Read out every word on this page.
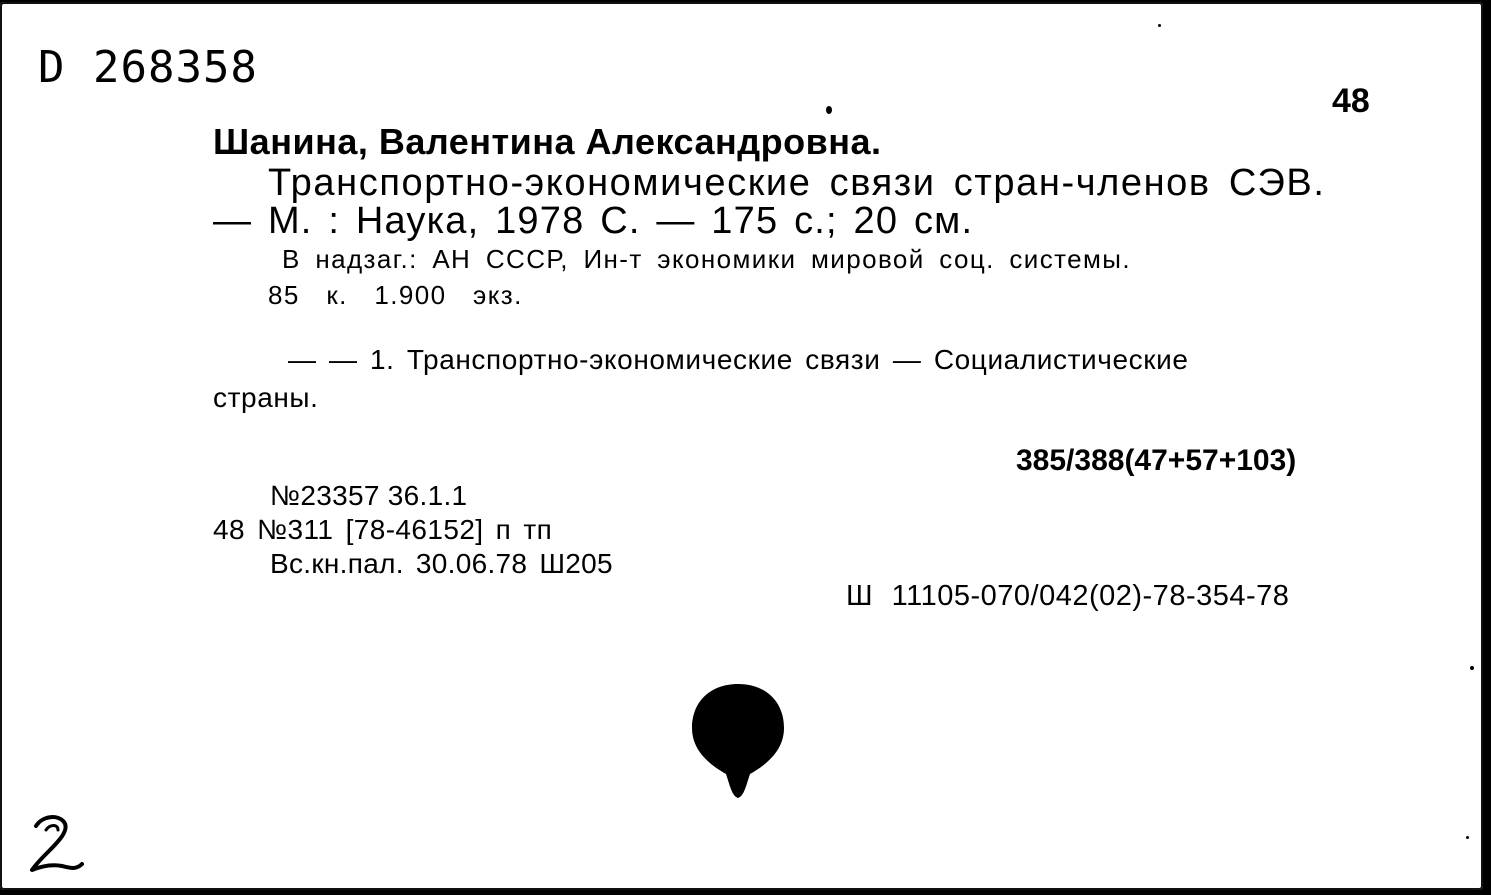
D 268358
48
Шанина, Валентина Александровна.
Транспортно-экономические связи стран-членов СЭВ.
— М. : Наука, 1978 С. — 175 с.; 20 см.
В надзаг.: АН СССР, Ин-т экономики мировой соц. системы.
85 к. 1.900 экз.
— — 1. Транспортно-экономические связи — Социалистические
страны.
385/388(47+57+103)
№23357 36.1.1
48 №311 [78-46152] п тп
Вс.кн.пал. 30.06.78 Ш205
Ш 11105-070/042(02)-78-354-78
